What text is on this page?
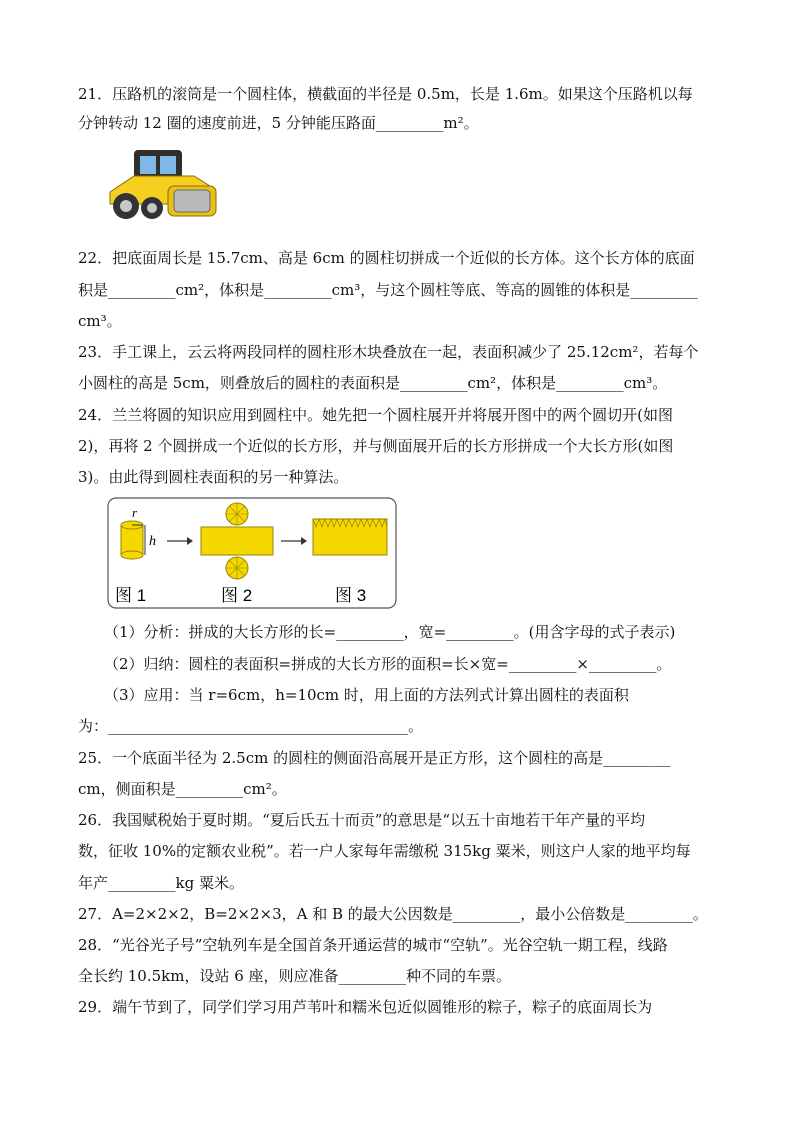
21．压路机的滚筒是一个圆柱体，横截面的半径是 0.5m，长是 1.6m。如果这个压路机以每
分钟转动 12 圈的速度前进，5 分钟能压路面_________m²。
22．把底面周长是 15.7cm、高是 6cm 的圆柱切拼成一个近似的长方体。这个长方体的底面
积是_________cm²，体积是_________cm³，与这个圆柱等底、等高的圆锥的体积是_________
cm³。
23．手工课上，云云将两段同样的圆柱形木块叠放在一起，表面积减少了 25.12cm²，若每个
小圆柱的高是 5cm，则叠放后的圆柱的表面积是_________cm²，体积是_________cm³。
24．兰兰将圆的知识应用到圆柱中。她先把一个圆柱展开并将展开图中的两个圆切开(如图
2)，再将 2 个圆拼成一个近似的长方形，并与侧面展开后的长方形拼成一个大长方形(如图
3)。由此得到圆柱表面积的另一种算法。
r
h
图 1	图 2	图 3
（1）分析：拼成的大长方形的长=_________，宽=_________。(用含字母的式子表示)
（2）归纳：圆柱的表面积=拼成的大长方形的面积=长×宽=_________×_________。
（3）应用：当 r=6cm，h=10cm 时，用上面的方法列式计算出圆柱的表面积
为：________________________________________。
25．一个底面半径为 2.5cm 的圆柱的侧面沿高展开是正方形，这个圆柱的高是_________
cm，侧面积是_________cm²。
26．我国赋税始于夏时期。“夏后氏五十而贡”的意思是“以五十亩地若干年产量的平均
数，征收 10%的定额农业税”。若一户人家每年需缴税 315kg 粟米，则这户人家的地平均每
年产_________kg 粟米。
27．A=2×2×2，B=2×2×3，A 和 B 的最大公因数是_________，最小公倍数是_________。
28．“光谷光子号”空轨列车是全国首条开通运营的城市“空轨”。光谷空轨一期工程，线路
全长约 10.5km，设站 6 座，则应准备_________种不同的车票。
29．端午节到了，同学们学习用芦苇叶和糯米包近似圆锥形的粽子，粽子的底面周长为
